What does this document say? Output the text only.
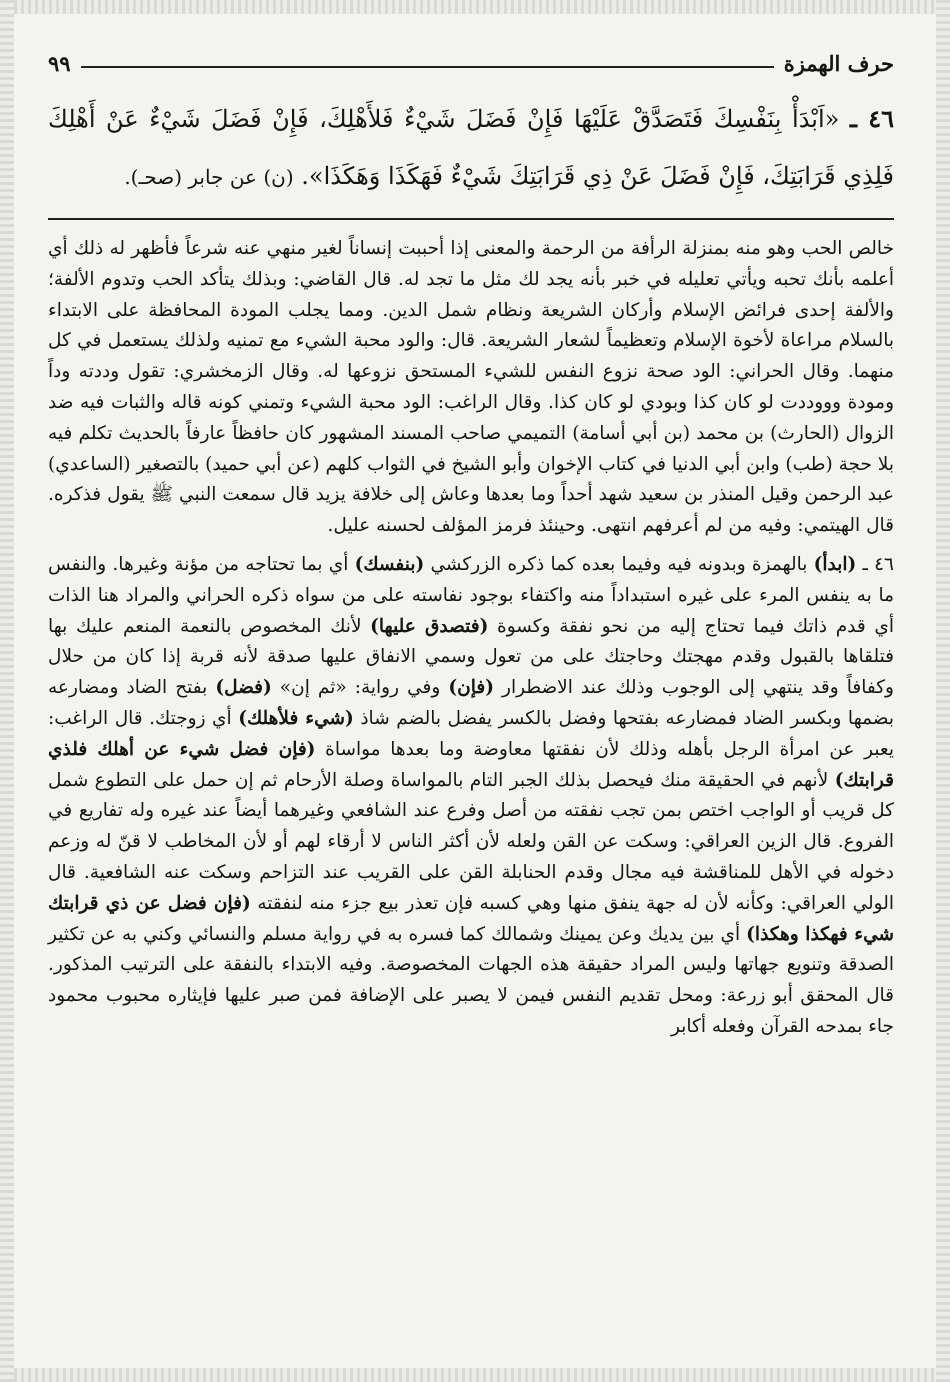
حرف الهمزة
٩٩
٤٦ ـ «اَبْدَأْ بِنَفْسِكَ فَتَصَدَّقْ عَلَيْهَا فَإِنْ فَضَلَ شَيْءٌ فَلأَهْلِكَ، فَإِنْ فَضَلَ شَيْءٌ عَنْ أَهْلِكَ فَلِذِي قَرَابَتِكَ، فَإِنْ فَضَلَ عَنْ ذِي قَرَابَتِكَ شَيْءٌ فَهَكَذَا وَهَكَذَا». (ن) عن جابر (صحـ).

خالص الحب وهو منه بمنزلة الرأفة من الرحمة والمعنى إذا أحببت إنساناً لغير منهي عنه شرعاً فأظهر له ذلك أي أعلمه بأنك تحبه ويأتي تعليله في خبر بأنه يجد لك مثل ما تجد له. قال القاضي: وبذلك يتأكد الحب وتدوم الألفة؛ والألفة إحدى فرائض الإسلام وأركان الشريعة ونظام شمل الدين. ومما يجلب المودة المحافظة على الابتداء بالسلام مراعاة لأخوة الإسلام وتعظيماً لشعار الشريعة. قال: والود محبة الشيء مع تمنيه ولذلك يستعمل في كل منهما. وقال الحراني: الود صحة نزوع النفس للشيء المستحق نزوعها له. وقال الزمخشري: تقول وددته وداً ومودة وووددت لو كان كذا وبودي لو كان كذا. وقال الراغب: الود محبة الشيء وتمني كونه قاله والثبات فيه ضد الزوال (الحارث) بن محمد (بن أبي أسامة) التميمي صاحب المسند المشهور كان حافظاً عارفاً بالحديث تكلم فيه بلا حجة (طب) وابن أبي الدنيا في كتاب الإخوان وأبو الشيخ في الثواب كلهم (عن أبي حميد) بالتصغير (الساعدي) عبد الرحمن وقيل المنذر بن سعيد شهد أحداً وما بعدها وعاش إلى خلافة يزيد قال سمعت النبي ﷺ يقول فذكره. قال الهيتمي: وفيه من لم أعرفهم انتهى. وحينئذ فرمز المؤلف لحسنه عليل.

٤٦ ـ (ابدأ) بالهمزة وبدونه فيه وفيما بعده كما ذكره الزركشي (بنفسك) أي بما تحتاجه من مؤنة وغيرها. والنفس ما به ينفس المرء على غيره استبداداً منه واكتفاء بوجود نفاسته على من سواه ذكره الحراني والمراد هنا الذات أي قدم ذاتك فيما تحتاج إليه من نحو نفقة وكسوة (فتصدق عليها) لأنك المخصوص بالنعمة المنعم عليك بها فتلقاها بالقبول وقدم مهجتك وحاجتك على من تعول وسمي الانفاق عليها صدقة لأنه قربة إذا كان من حلال وكفافاً وقد ينتهي إلى الوجوب وذلك عند الاضطرار (فإن) وفي رواية: «ثم إن» (فضل) بفتح الضاد ومضارعه بضمها وبكسر الضاد فمضارعه بفتحها وفضل بالكسر يفضل بالضم شاذ (شيء فلأهلك) أي زوجتك. قال الراغب: يعبر عن امرأة الرجل بأهله وذلك لأن نفقتها معاوضة وما بعدها مواساة (فإن فضل شيء عن أهلك فلذي قرابتك) لأنهم في الحقيقة منك فيحصل بذلك الجبر التام بالمواساة وصلة الأرحام ثم إن حمل على التطوع شمل كل قريب أو الواجب اختص بمن تجب نفقته من أصل وفرع عند الشافعي وغيرهما أيضاً عند غيره وله تفاريع في الفروع. قال الزين العراقي: وسكت عن القن ولعله لأن أكثر الناس لا أرقاء لهم أو لأن المخاطب لا قنّ له وزعم دخوله في الأهل للمناقشة فيه مجال وقدم الحنابلة القن على القريب عند التزاحم وسكت عنه الشافعية. قال الولي العراقي: وكأنه لأن له جهة ينفق منها وهي كسبه فإن تعذر بيع جزء منه لنفقته (فإن فضل عن ذي قرابتك شيء فهكذا وهكذا) أي بين يديك وعن يمينك وشمالك كما فسره به في رواية مسلم والنسائي وكني به عن تكثير الصدقة وتنويع جهاتها وليس المراد حقيقة هذه الجهات المخصوصة. وفيه الابتداء بالنفقة على الترتيب المذكور. قال المحقق أبو زرعة: ومحل تقديم النفس فيمن لا يصبر على الإضافة فمن صبر عليها فإيثاره محبوب محمود جاء بمدحه القرآن وفعله أكابر
